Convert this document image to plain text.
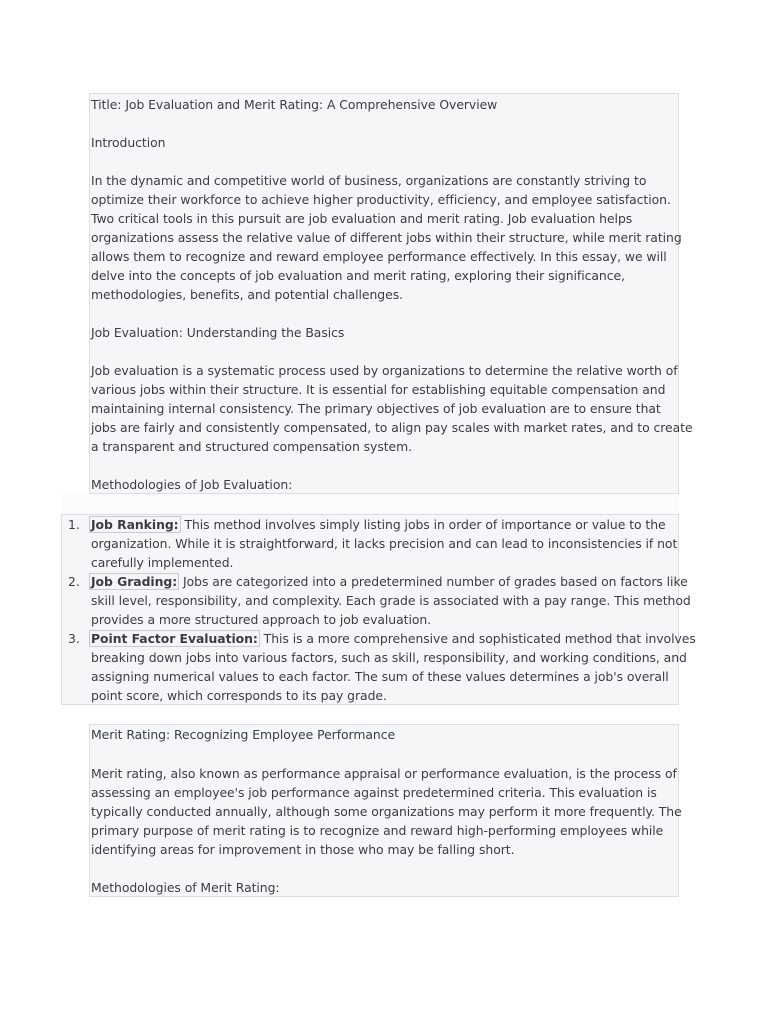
Title: Job Evaluation and Merit Rating: A Comprehensive Overview

Introduction

In the dynamic and competitive world of business, organizations are constantly striving to

optimize their workforce to achieve higher productivity, efficiency, and employee satisfaction.

Two critical tools in this pursuit are job evaluation and merit rating. Job evaluation helps

organizations assess the relative value of different jobs within their structure, while merit rating

allows them to recognize and reward employee performance effectively. In this essay, we will

delve into the concepts of job evaluation and merit rating, exploring their significance,

methodologies, benefits, and potential challenges.

Job Evaluation: Understanding the Basics

Job evaluation is a systematic process used by organizations to determine the relative worth of

various jobs within their structure. It is essential for establishing equitable compensation and

maintaining internal consistency. The primary objectives of job evaluation are to ensure that

jobs are fairly and consistently compensated, to align pay scales with market rates, and to create

a transparent and structured compensation system.

Methodologies of Job Evaluation:

1. Job Ranking: This method involves simply listing jobs in order of importance or value to the

organization. While it is straightforward, it lacks precision and can lead to inconsistencies if not

carefully implemented.

2. Job Grading: Jobs are categorized into a predetermined number of grades based on factors like

skill level, responsibility, and complexity. Each grade is associated with a pay range. This method

provides a more structured approach to job evaluation.

3. Point Factor Evaluation: This is a more comprehensive and sophisticated method that involves

breaking down jobs into various factors, such as skill, responsibility, and working conditions, and

assigning numerical values to each factor. The sum of these values determines a job's overall

point score, which corresponds to its pay grade.

Merit Rating: Recognizing Employee Performance

Merit rating, also known as performance appraisal or performance evaluation, is the process of

assessing an employee's job performance against predetermined criteria. This evaluation is

typically conducted annually, although some organizations may perform it more frequently. The

primary purpose of merit rating is to recognize and reward high-performing employees while

identifying areas for improvement in those who may be falling short.

Methodologies of Merit Rating:
